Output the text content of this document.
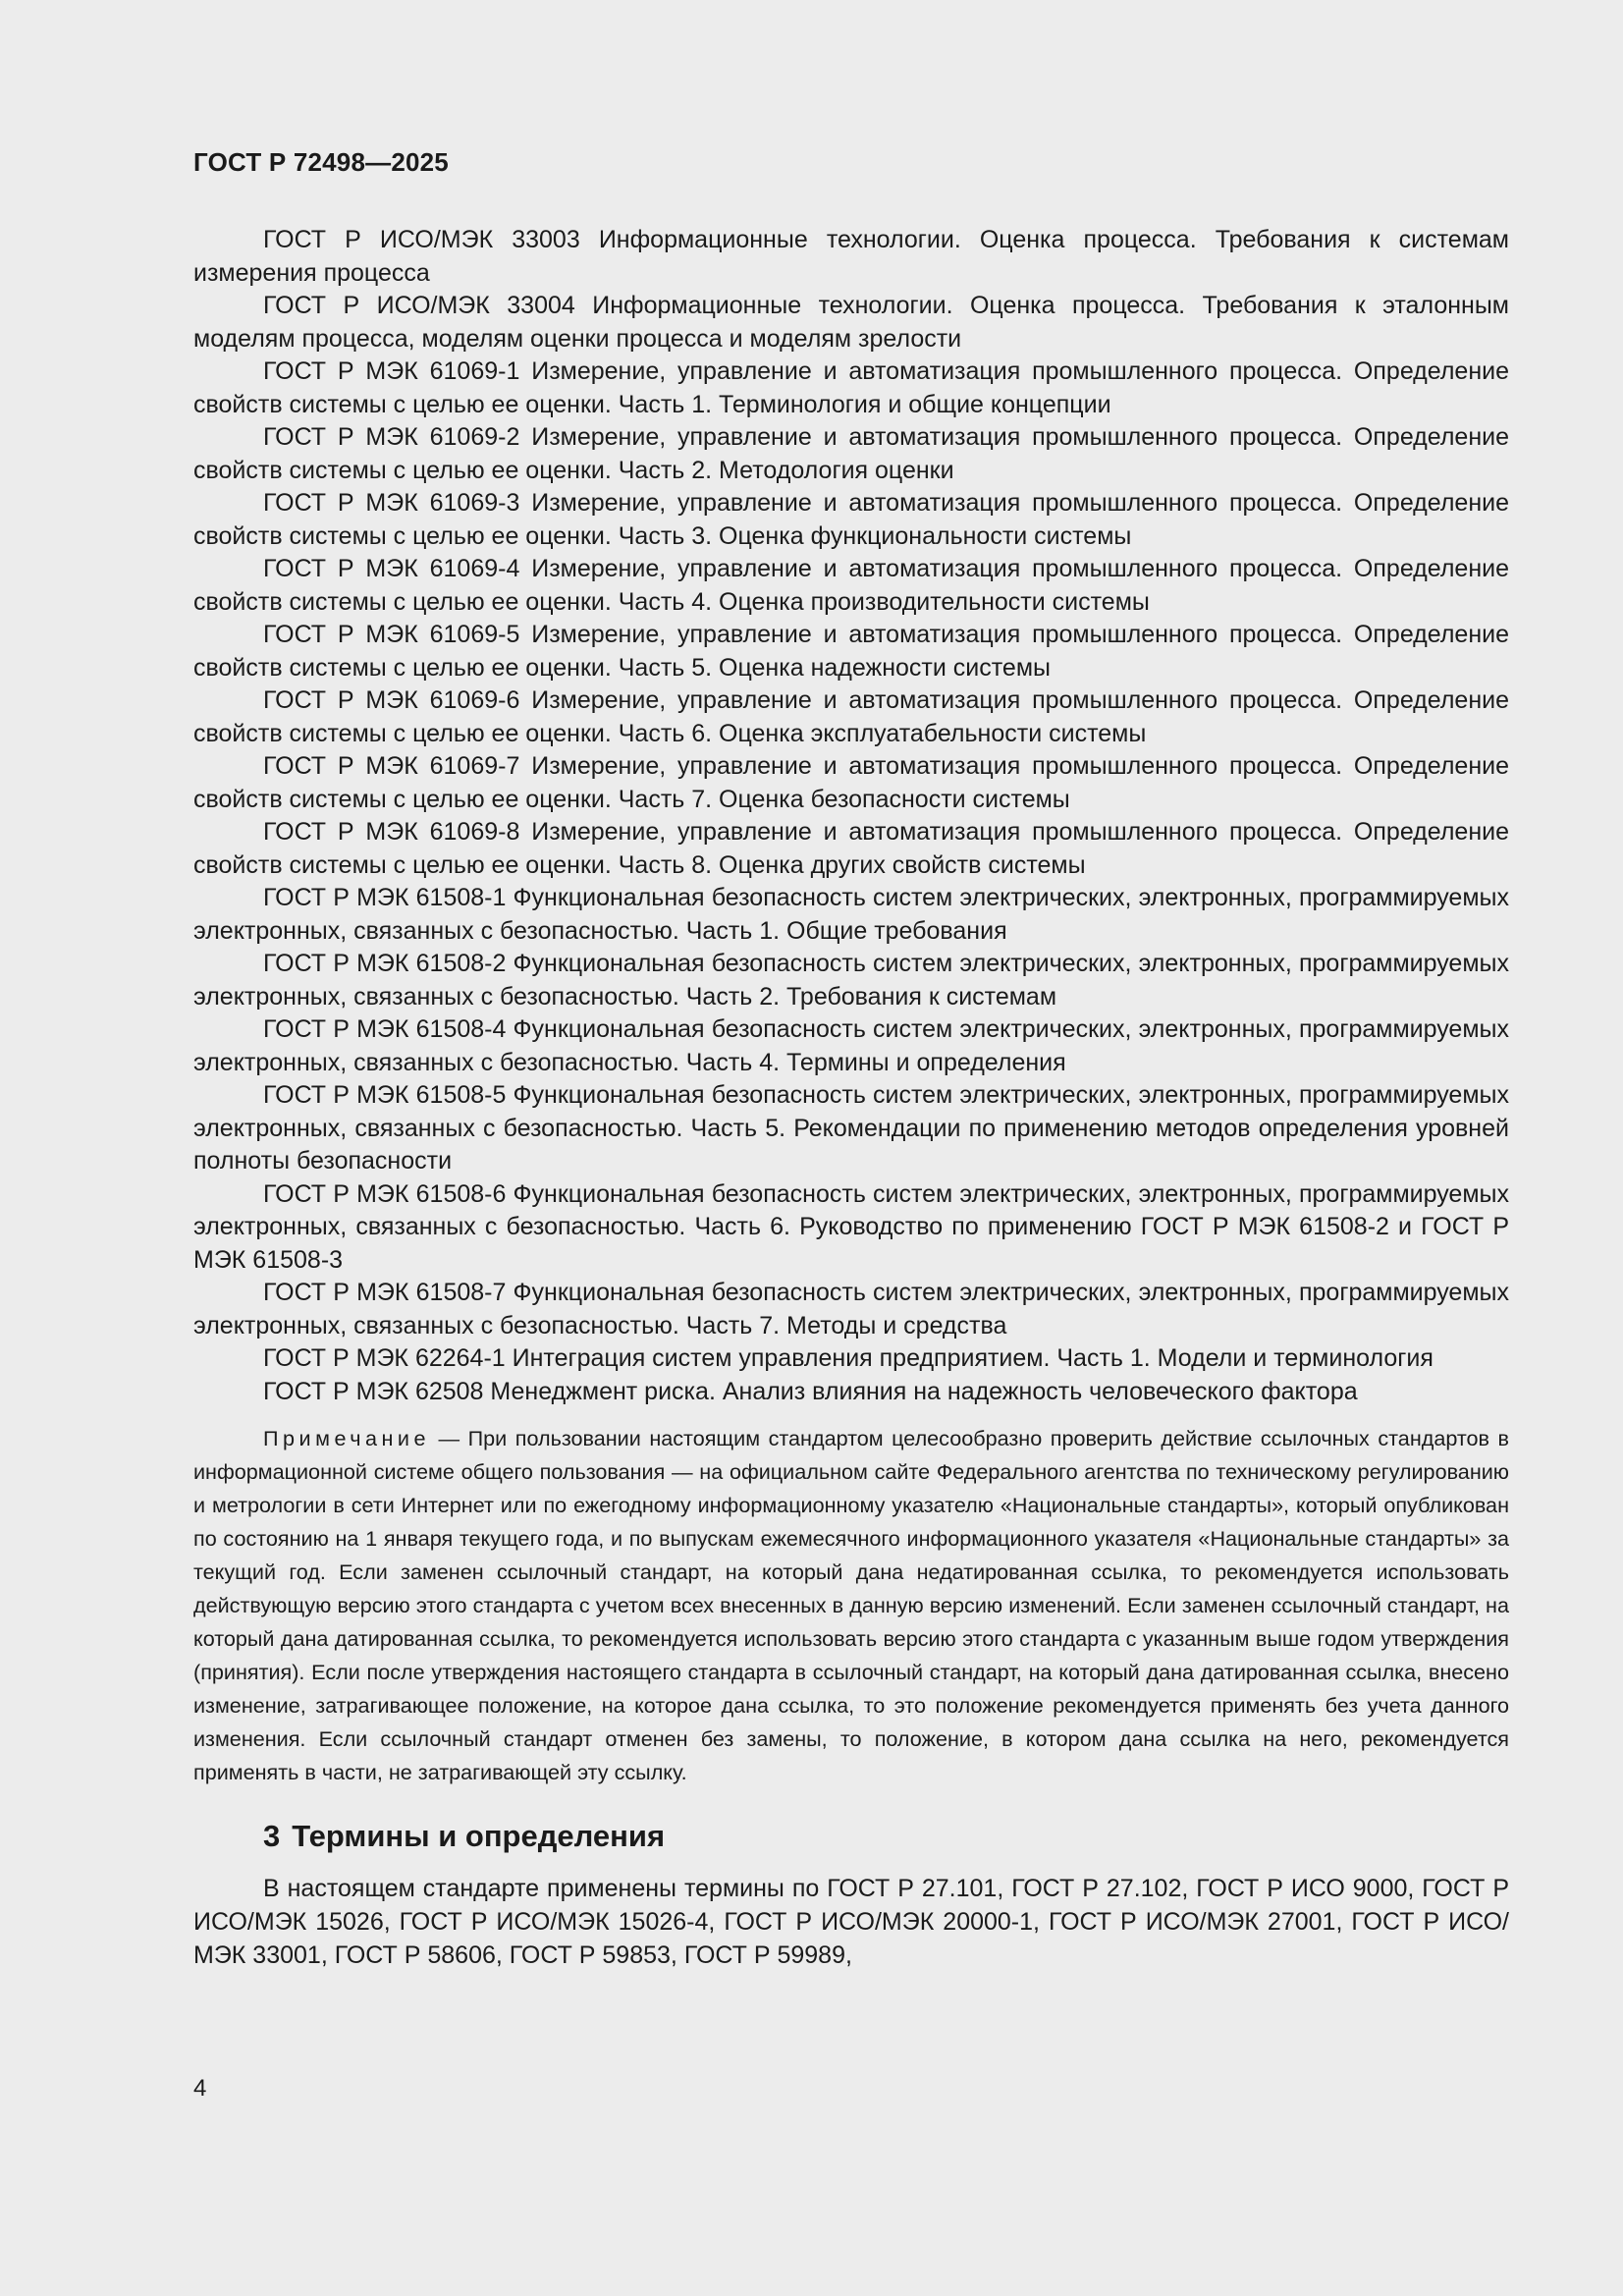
ГОСТ Р 72498—2025

ГОСТ Р ИСО/МЭК 33003 Информационные технологии. Оценка процесса. Требования к системам измерения процесса

ГОСТ Р ИСО/МЭК 33004 Информационные технологии. Оценка процесса. Требования к эталонным моделям процесса, моделям оценки процесса и моделям зрелости

ГОСТ Р МЭК 61069-1 Измерение, управление и автоматизация промышленного процесса. Определение свойств системы с целью ее оценки. Часть 1. Терминология и общие концепции

ГОСТ Р МЭК 61069-2 Измерение, управление и автоматизация промышленного процесса. Определение свойств системы с целью ее оценки. Часть 2. Методология оценки

ГОСТ Р МЭК 61069-3 Измерение, управление и автоматизация промышленного процесса. Определение свойств системы с целью ее оценки. Часть 3. Оценка функциональности системы

ГОСТ Р МЭК 61069-4 Измерение, управление и автоматизация промышленного процесса. Определение свойств системы с целью ее оценки. Часть 4. Оценка производительности системы

ГОСТ Р МЭК 61069-5 Измерение, управление и автоматизация промышленного процесса. Определение свойств системы с целью ее оценки. Часть 5. Оценка надежности системы

ГОСТ Р МЭК 61069-6 Измерение, управление и автоматизация промышленного процесса. Определение свойств системы с целью ее оценки. Часть 6. Оценка эксплуатабельности системы

ГОСТ Р МЭК 61069-7 Измерение, управление и автоматизация промышленного процесса. Определение свойств системы с целью ее оценки. Часть 7. Оценка безопасности системы

ГОСТ Р МЭК 61069-8 Измерение, управление и автоматизация промышленного процесса. Определение свойств системы с целью ее оценки. Часть 8. Оценка других свойств системы

ГОСТ Р МЭК 61508-1 Функциональная безопасность систем электрических, электронных, программируемых электронных, связанных с безопасностью. Часть 1. Общие требования

ГОСТ Р МЭК 61508-2 Функциональная безопасность систем электрических, электронных, программируемых электронных, связанных с безопасностью. Часть 2. Требования к системам

ГОСТ Р МЭК 61508-4 Функциональная безопасность систем электрических, электронных, программируемых электронных, связанных с безопасностью. Часть 4. Термины и определения

ГОСТ Р МЭК 61508-5 Функциональная безопасность систем электрических, электронных, программируемых электронных, связанных с безопасностью. Часть 5. Рекомендации по применению методов определения уровней полноты безопасности

ГОСТ Р МЭК 61508-6 Функциональная безопасность систем электрических, электронных, программируемых электронных, связанных с безопасностью. Часть 6. Руководство по применению ГОСТ Р МЭК 61508-2 и ГОСТ Р МЭК 61508-3

ГОСТ Р МЭК 61508-7 Функциональная безопасность систем электрических, электронных, программируемых электронных, связанных с безопасностью. Часть 7. Методы и средства

ГОСТ Р МЭК 62264-1 Интеграция систем управления предприятием. Часть 1. Модели и терминология

ГОСТ Р МЭК 62508 Менеджмент риска. Анализ влияния на надежность человеческого фактора

Примечание — При пользовании настоящим стандартом целесообразно проверить действие ссылочных стандартов в информационной системе общего пользования — на официальном сайте Федерального агентства по техническому регулированию и метрологии в сети Интернет или по ежегодному информационному указателю «Национальные стандарты», который опубликован по состоянию на 1 января текущего года, и по выпускам ежемесячного информационного указателя «Национальные стандарты» за текущий год. Если заменен ссылочный стандарт, на который дана недатированная ссылка, то рекомендуется использовать действующую версию этого стандарта с учетом всех внесенных в данную версию изменений. Если заменен ссылочный стандарт, на который дана датированная ссылка, то рекомендуется использовать версию этого стандарта с указанным выше годом утверждения (принятия). Если после утверждения настоящего стандарта в ссылочный стандарт, на который дана датированная ссылка, внесено изменение, затрагивающее положение, на которое дана ссылка, то это положение рекомендуется применять без учета данного изменения. Если ссылочный стандарт отменен без замены, то положение, в котором дана ссылка на него, рекомендуется применять в части, не затрагивающей эту ссылку.
3 Термины и определения
В настоящем стандарте применены термины по ГОСТ Р 27.101, ГОСТ Р 27.102, ГОСТ Р ИСО 9000, ГОСТ Р ИСО/МЭК 15026, ГОСТ Р ИСО/МЭК 15026-4, ГОСТ Р ИСО/МЭК 20000-1, ГОСТ Р ИСО/МЭК 27001, ГОСТ Р ИСО/МЭК 33001, ГОСТ Р 58606, ГОСТ Р 59853, ГОСТ Р 59989,
4
